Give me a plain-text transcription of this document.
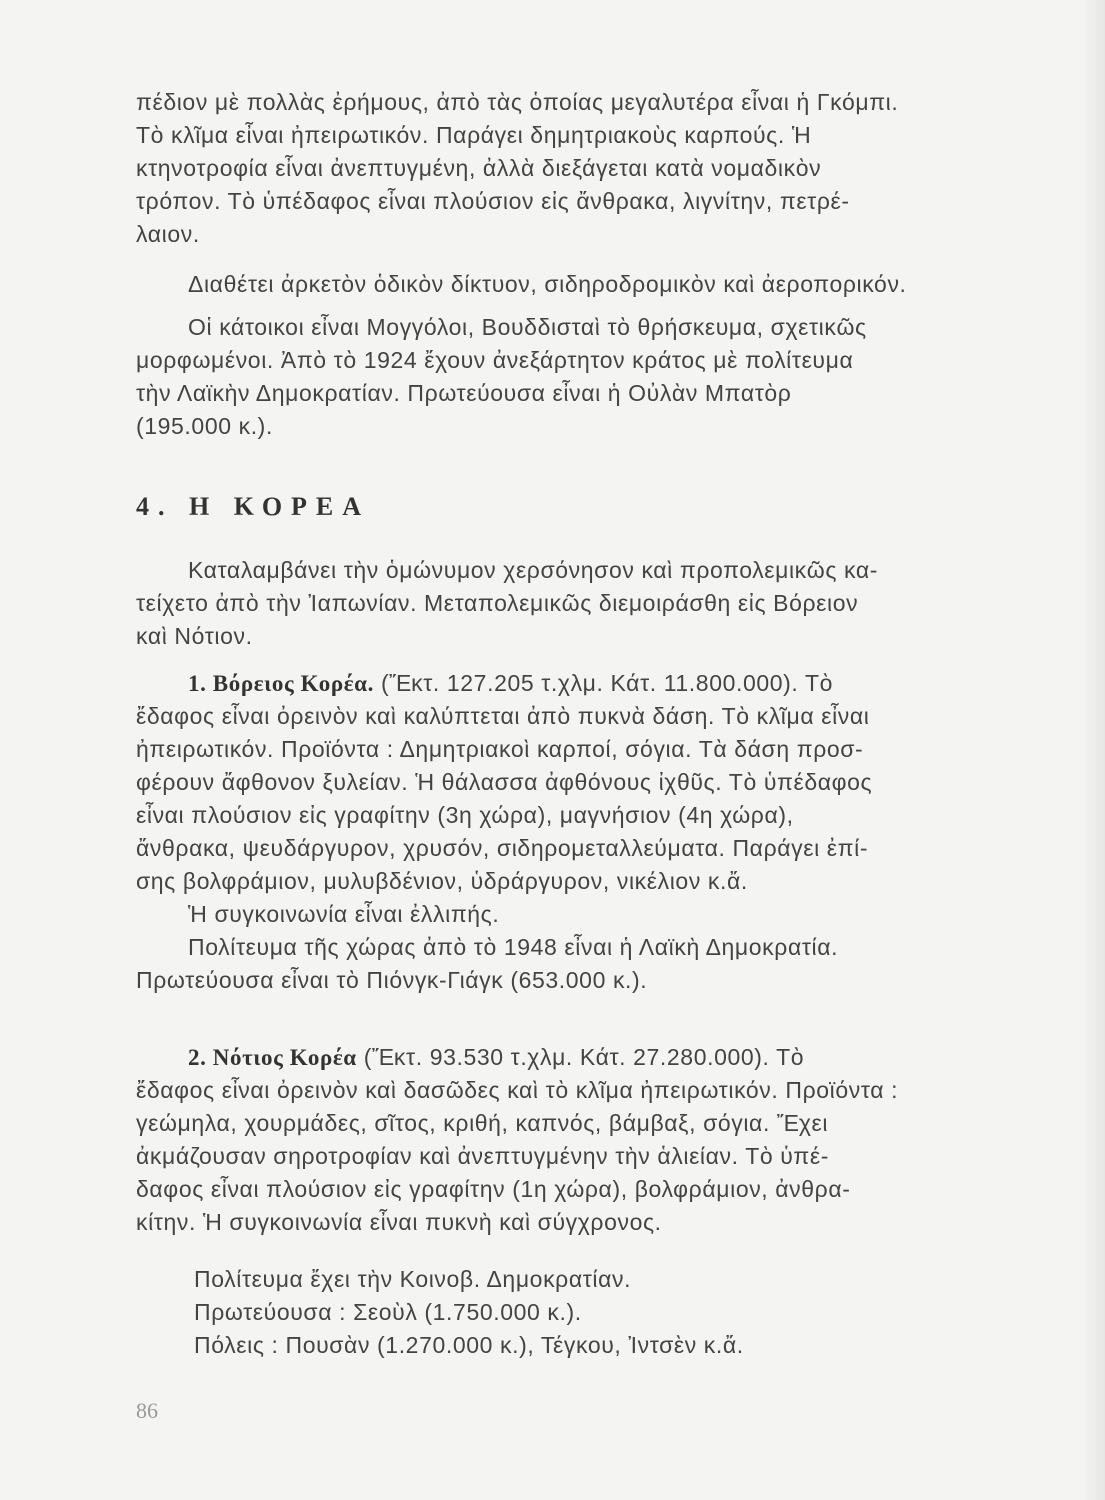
πέδιον μὲ πολλὰς ἐρήμους, ἀπὸ τὰς ὁποίας μεγαλυτέρα εἶναι ἡ Γκόμπι.
Τὸ κλῖμα εἶναι ἠπειρωτικόν. Παράγει δημητριακοὺς καρπούς. Ἡ
κτηνοτροφία εἶναι ἀνεπτυγμένη, ἀλλὰ διεξάγεται κατὰ νομαδικὸν
τρόπον. Τὸ ὑπέδαφος εἶναι πλούσιον εἰς ἄνθρακα, λιγνίτην, πετρέ-
λαιον.
Διαθέτει ἀρκετὸν ὁδικὸν δίκτυον, σιδηροδρομικὸν καὶ ἀεροπορικόν.
Οἱ κάτοικοι εἶναι Μογγόλοι, Βουδδισταὶ τὸ θρήσκευμα, σχετικῶς
μορφωμένοι. Ἀπὸ τὸ 1924 ἔχουν ἀνεξάρτητον κράτος μὲ πολίτευμα
τὴν Λαϊκὴν Δημοκρατίαν. Πρωτεύουσα εἶναι ἡ Οὐλὰν Μπατὸρ
(195.000 κ.).
4. Η ΚΟΡΕΑ
Καταλαμβάνει τὴν ὁμώνυμον χερσόνησον καὶ προπολεμικῶς κα-
τείχετο ἀπὸ τὴν Ἰαπωνίαν. Μεταπολεμικῶς διεμοιράσθη εἰς Βόρειον
καὶ Νότιον.
1. Βόρειος Κορέα. (Ἔκτ. 127.205 τ.χλμ. Κάτ. 11.800.000). Τὸ
ἔδαφος εἶναι ὀρεινὸν καὶ καλύπτεται ἀπὸ πυκνὰ δάση. Τὸ κλῖμα εἶναι
ἠπειρωτικόν. Προϊόντα : Δημητριακοὶ καρποί, σόγια. Τὰ δάση προσ-
φέρουν ἄφθονον ξυλείαν. Ἡ θάλασσα ἀφθόνους ἰχθῦς. Τὸ ὑπέδαφος
εἶναι πλούσιον εἰς γραφίτην (3η χώρα), μαγνήσιον (4η χώρα),
ἄνθρακα, ψευδάργυρον, χρυσόν, σιδηρομεταλλεύματα. Παράγει ἐπί-
σης βολφράμιον, μυλυβδένιον, ὑδράργυρον, νικέλιον κ.ἄ.
Ἡ συγκοινωνία εἶναι ἐλλιπής.
Πολίτευμα τῆς χώρας ἀπὸ τὸ 1948 εἶναι ἡ Λαϊκὴ Δημοκρατία.
Πρωτεύουσα εἶναι τὸ Πιόνγκ-Γιάγκ (653.000 κ.).
2. Νότιος Κορέα (Ἔκτ. 93.530 τ.χλμ. Κάτ. 27.280.000). Τὸ
ἔδαφος εἶναι ὀρεινὸν καὶ δασῶδες καὶ τὸ κλῖμα ἠπειρωτικόν. Προϊόντα :
γεώμηλα, χουρμάδες, σῖτος, κριθή, καπνός, βάμβαξ, σόγια. Ἔχει
ἀκμάζουσαν σηροτροφίαν καὶ ἀνεπτυγμένην τὴν ἁλιείαν. Τὸ ὑπέ-
δαφος εἶναι πλούσιον εἰς γραφίτην (1η χώρα), βολφράμιον, ἀνθρα-
κίτην. Ἡ συγκοινωνία εἶναι πυκνὴ καὶ σύγχρονος.
Πολίτευμα ἔχει τὴν Κοινοβ. Δημοκρατίαν.
Πρωτεύουσα : Σεοὺλ (1.750.000 κ.).
Πόλεις : Πουσὰν (1.270.000 κ.), Τέγκου, Ἰντσὲν κ.ἄ.
86
